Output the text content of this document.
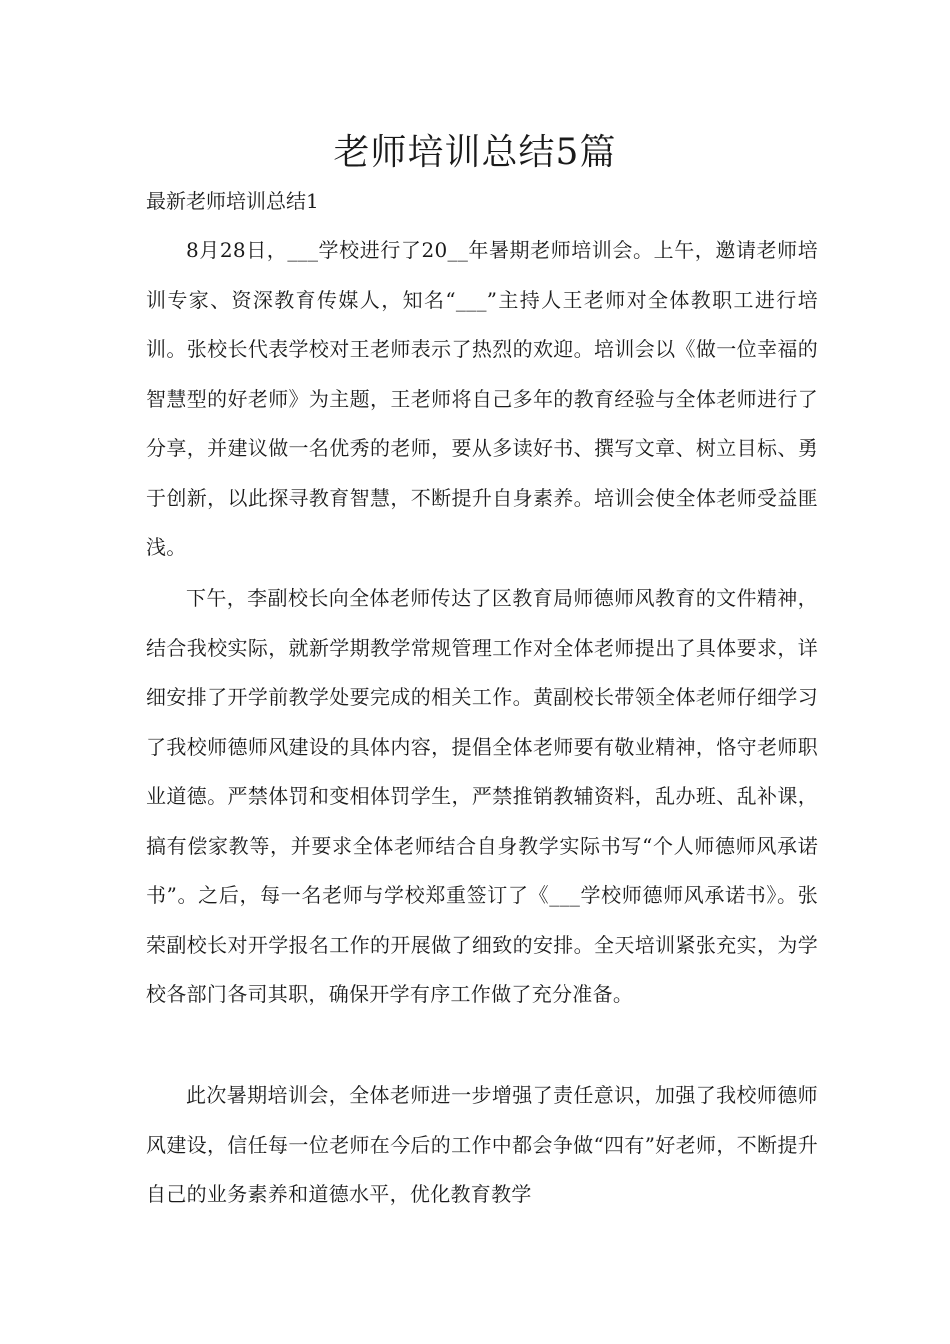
老师培训总结5篇

最新老师培训总结1

8月28日，___学校进行了20__年暑期老师培训会。上午，邀请老师培训专家、资深教育传媒人，知名“___”主持人王老师对全体教职工进行培训。张校长代表学校对王老师表示了热烈的欢迎。培训会以《做一位幸福的智慧型的好老师》为主题，王老师将自己多年的教育经验与全体老师进行了分享，并建议做一名优秀的老师，要从多读好书、撰写文章、树立目标、勇于创新，以此探寻教育智慧，不断提升自身素养。培训会使全体老师受益匪浅。

下午，李副校长向全体老师传达了区教育局师德师风教育的文件精神，结合我校实际，就新学期教学常规管理工作对全体老师提出了具体要求，详细安排了开学前教学处要完成的相关工作。黄副校长带领全体老师仔细学习了我校师德师风建设的具体内容，提倡全体老师要有敬业精神，恪守老师职业道德。严禁体罚和变相体罚学生，严禁推销教辅资料，乱办班、乱补课，搞有偿家教等，并要求全体老师结合自身教学实际书写“个人师德师风承诺书”。之后，每一名老师与学校郑重签订了《___学校师德师风承诺书》。张荣副校长对开学报名工作的开展做了细致的安排。全天培训紧张充实，为学校各部门各司其职，确保开学有序工作做了充分准备。

此次暑期培训会，全体老师进一步增强了责任意识，加强了我校师德师风建设，信任每一位老师在今后的工作中都会争做“四有”好老师，不断提升自己的业务素养和道德水平，优化教育教学
